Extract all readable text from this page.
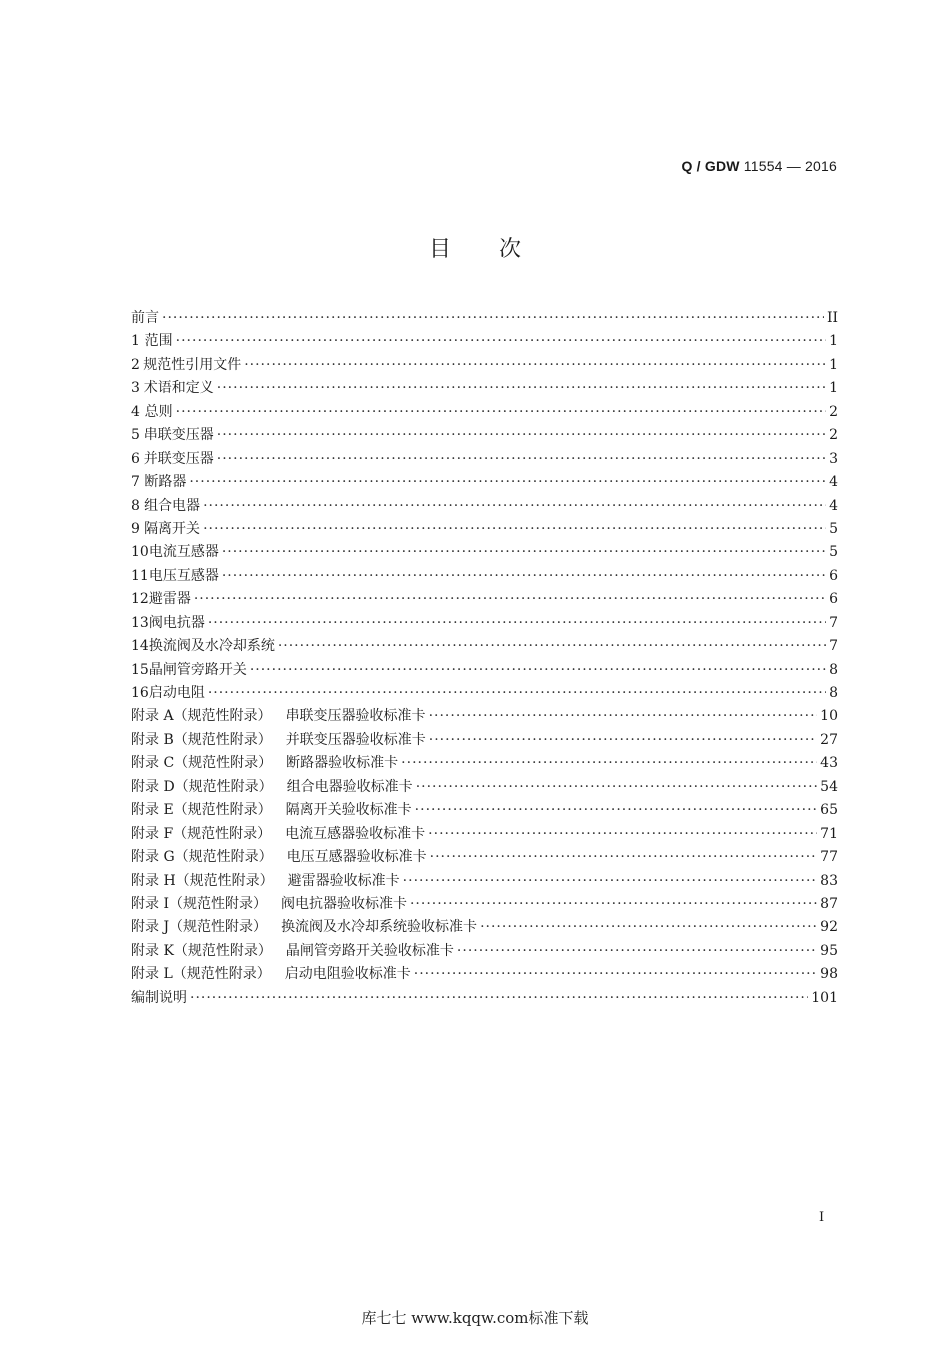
Q / GDW 11554 — 2016
目次
前言 ·····	II
1 范围 ·····	1
2 规范性引用文件 ·····	1
3 术语和定义 ·····	1
4 总则 ·····	2
5 串联变压器 ·····	2
6 并联变压器 ·····	3
7 断路器 ·····	4
8 组合电器 ·····	4
9 隔离开关 ·····	5
10 电流互感器 ·····	5
11 电压互感器 ·····	6
12 避雷器 ·····	6
13 阀电抗器 ·····	7
14 换流阀及水冷却系统 ·····	7
15 晶闸管旁路开关 ·····	8
16 启动电阻 ·····	8
附录 A（规范性附录） 串联变压器验收标准卡 ·····	10
附录 B（规范性附录） 并联变压器验收标准卡 ·····	27
附录 C（规范性附录） 断路器验收标准卡 ·····	43
附录 D（规范性附录） 组合电器验收标准卡 ·····	54
附录 E（规范性附录） 隔离开关验收标准卡 ·····	65
附录 F（规范性附录） 电流互感器验收标准卡 ·····	71
附录 G（规范性附录） 电压互感器验收标准卡 ·····	77
附录 H（规范性附录） 避雷器验收标准卡 ·····	83
附录 I（规范性附录） 阀电抗器验收标准卡 ·····	87
附录 J（规范性附录） 换流阀及水冷却系统验收标准卡 ·····	92
附录 K（规范性附录） 晶闸管旁路开关验收标准卡 ·····	95
附录 L（规范性附录） 启动电阻验收标准卡 ·····	98
编制说明 ·····	101
I
库七七 www.kqqw.com标准下载
